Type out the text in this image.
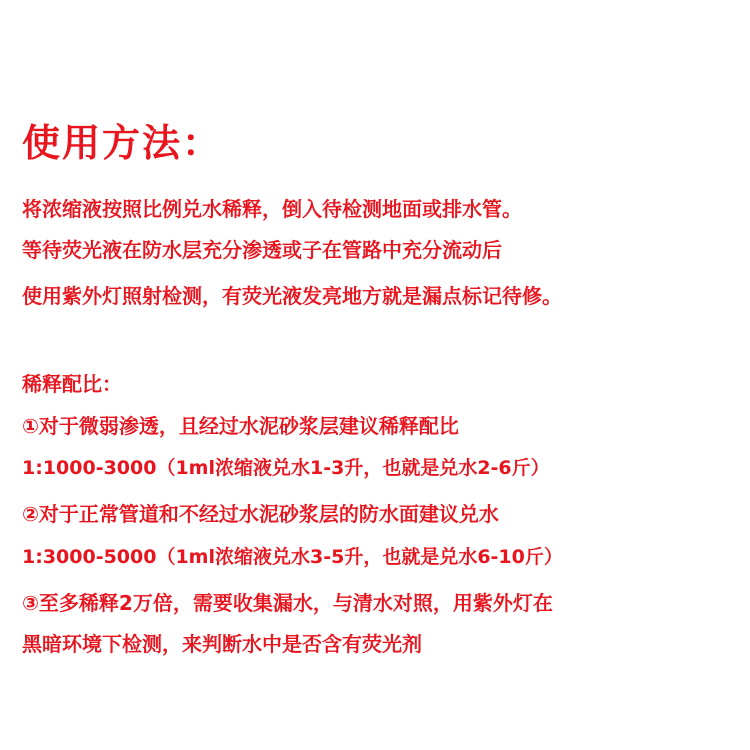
使用方法：
将浓缩液按照比例兑水稀释，倒入待检测地面或排水管。
等待荧光液在防水层充分渗透或子在管路中充分流动后
使用紫外灯照射检测，有荧光液发亮地方就是漏点标记待修。
稀释配比：
①对于微弱渗透，且经过水泥砂浆层建议稀释配比
1:1000-3000（1ml浓缩液兑水1-3升，也就是兑水2-6斤）
②对于正常管道和不经过水泥砂浆层的防水面建议兑水
1:3000-5000（1ml浓缩液兑水3-5升，也就是兑水6-10斤）
③至多稀释2万倍，需要收集漏水，与清水对照，用紫外灯在
黑暗环境下检测，来判断水中是否含有荧光剂
